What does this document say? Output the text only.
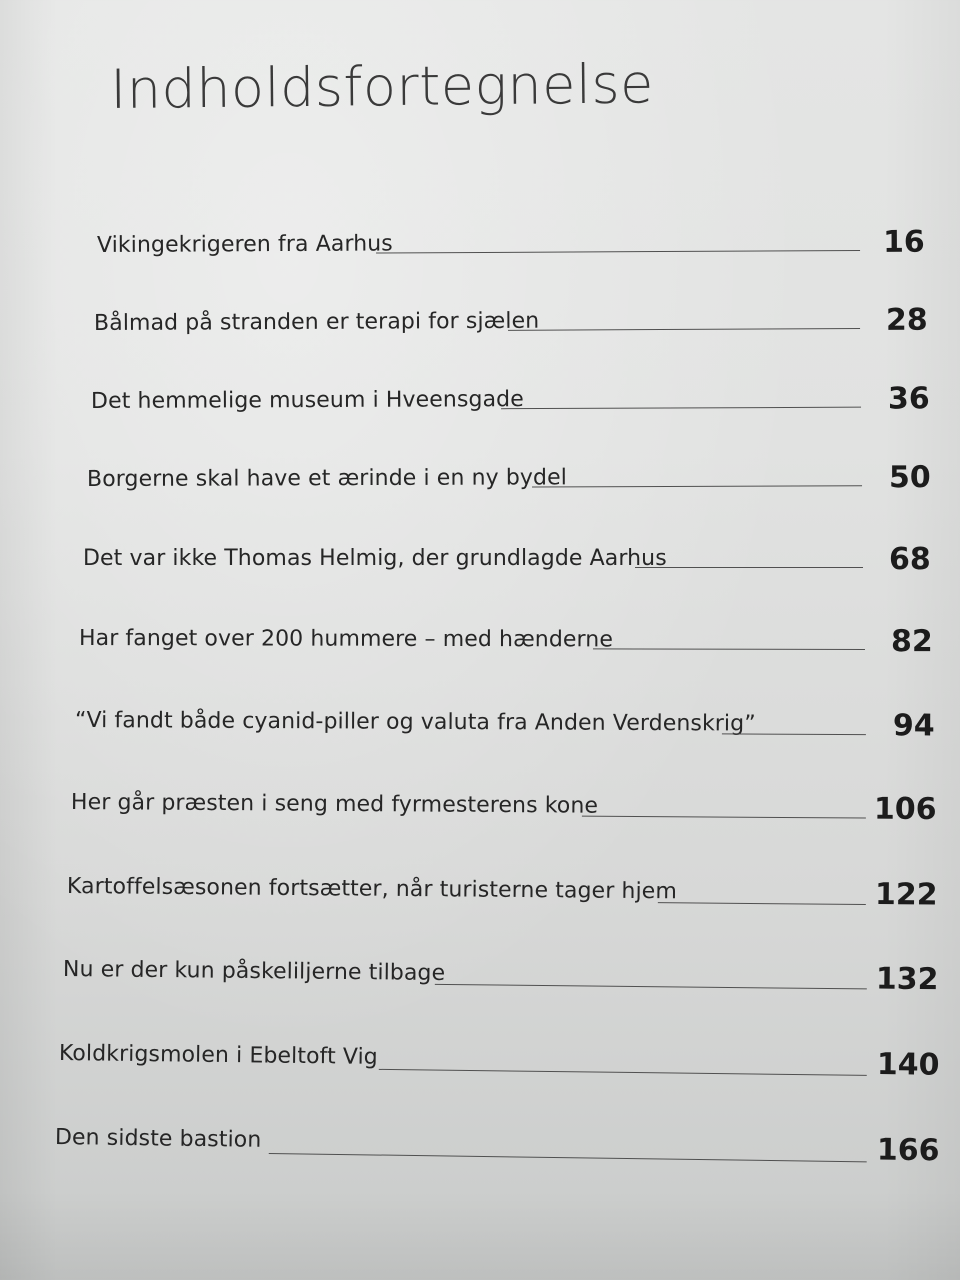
Indholdsfortegnelse
Vikingekrigeren fra Aarhus	16
Bålmad på stranden er terapi for sjælen	28
Det hemmelige museum i Hveensgade	36
Borgerne skal have et ærinde i en ny bydel	50
Det var ikke Thomas Helmig, der grundlagde Aarhus	68
Har fanget over 200 hummere – med hænderne	82
“Vi fandt både cyanid-piller og valuta fra Anden Verdenskrig”	94
Her går præsten i seng med fyrmesterens kone	106
Kartoffelsæsonen fortsætter, når turisterne tager hjem	122
Nu er der kun påskeliljerne tilbage	132
Koldkrigsmolen i Ebeltoft Vig	140
Den sidste bastion	166
